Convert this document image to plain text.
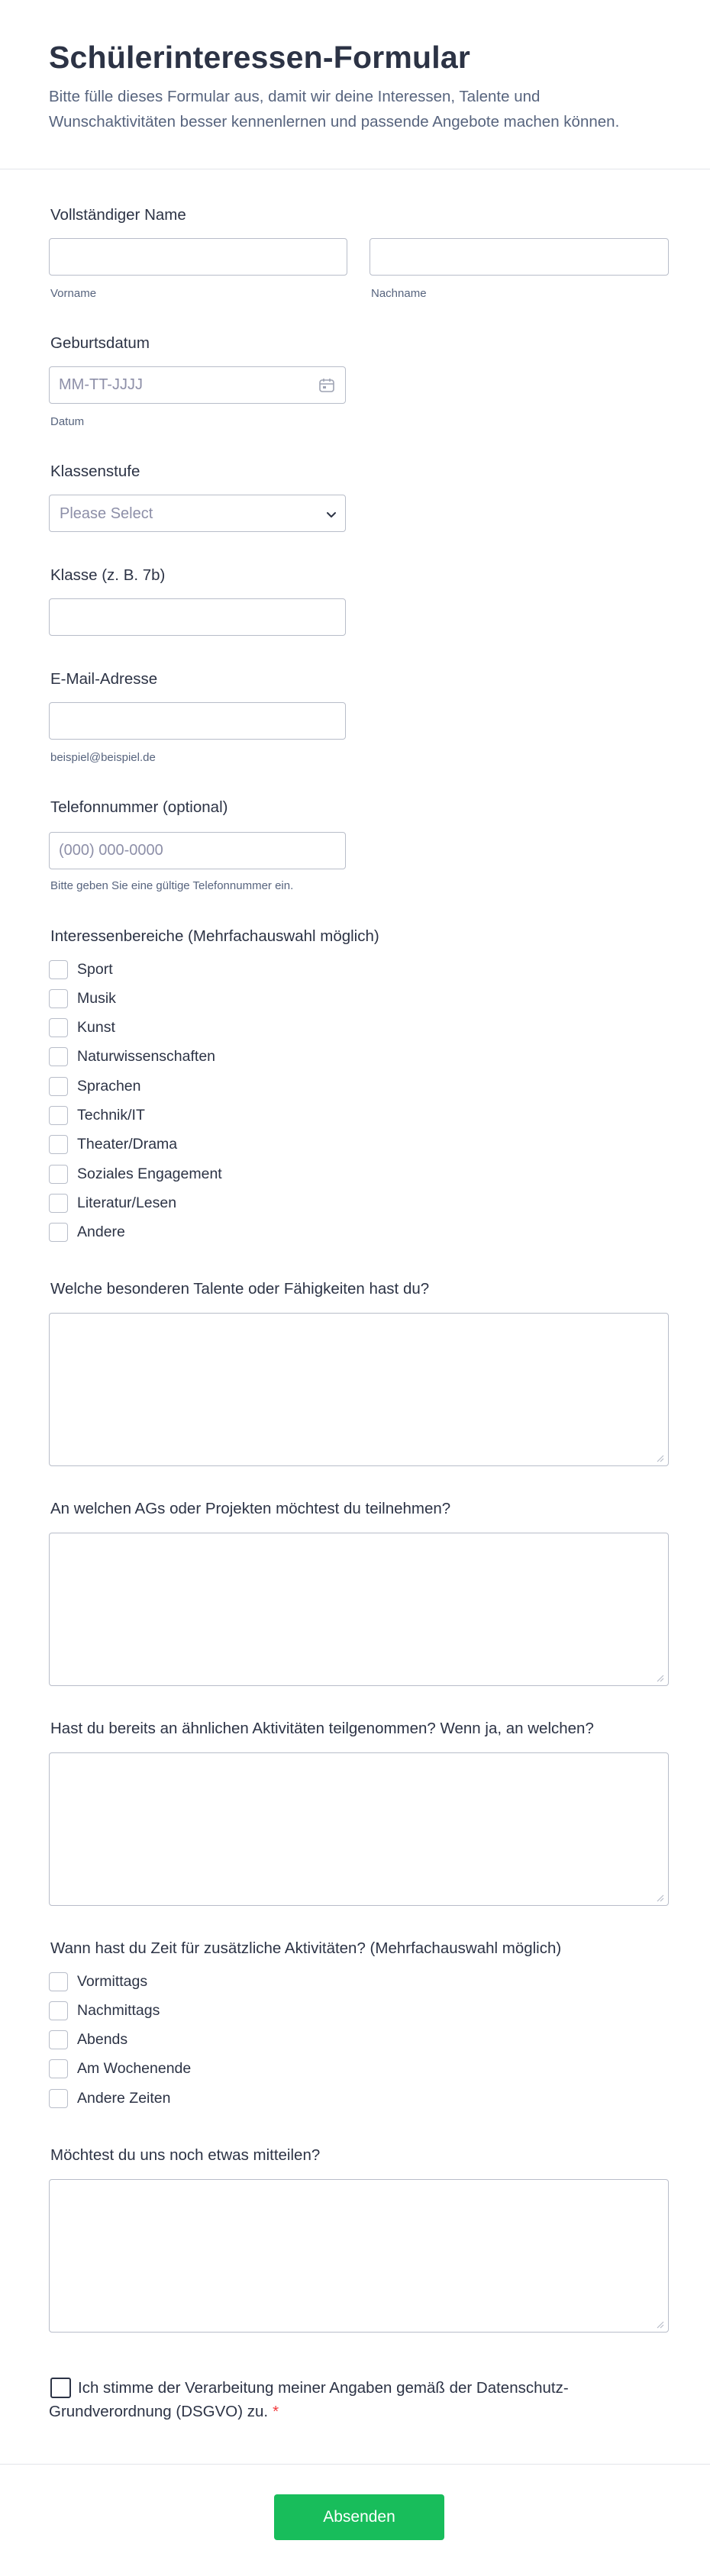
Schülerinteressen-Formular

Bitte fülle dieses Formular aus, damit wir deine Interessen, Talente und Wunschaktivitäten besser kennenlernen und passende Angebote machen können.

Vollständiger Name
Vorname	Nachname
Geburtsdatum
MM-TT-JJJJ
Datum
Klassenstufe
Please Select
Klasse (z. B. 7b)
E-Mail-Adresse
beispiel@beispiel.de
Telefonnummer (optional)
(000) 000-0000
Bitte geben Sie eine gültige Telefonnummer ein.
Interessenbereiche (Mehrfachauswahl möglich)
Sport
Musik
Kunst
Naturwissenschaften
Sprachen
Technik/IT
Theater/Drama
Soziales Engagement
Literatur/Lesen
Andere
Welche besonderen Talente oder Fähigkeiten hast du?
An welchen AGs oder Projekten möchtest du teilnehmen?
Hast du bereits an ähnlichen Aktivitäten teilgenommen? Wenn ja, an welchen?
Wann hast du Zeit für zusätzliche Aktivitäten? (Mehrfachauswahl möglich)
Vormittags
Nachmittags
Abends
Am Wochenende
Andere Zeiten
Möchtest du uns noch etwas mitteilen?
Ich stimme der Verarbeitung meiner Angaben gemäß der Datenschutz-Grundverordnung (DSGVO) zu. *
Absenden
